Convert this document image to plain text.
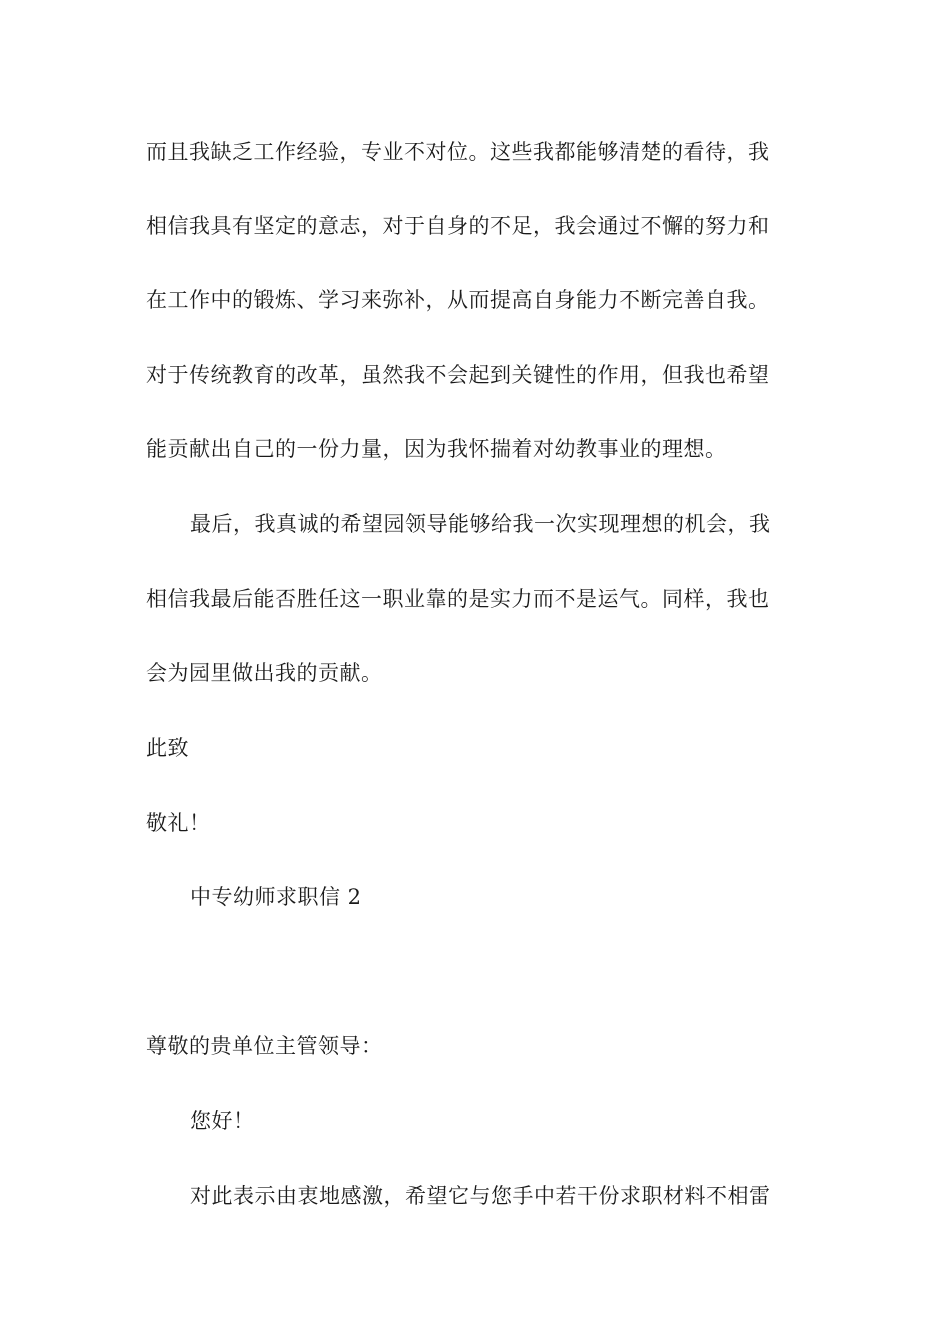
而且我缺乏工作经验，专业不对位。这些我都能够清楚的看待，我
相信我具有坚定的意志，对于自身的不足，我会通过不懈的努力和
在工作中的锻炼、学习来弥补，从而提高自身能力不断完善自我。
对于传统教育的改革，虽然我不会起到关键性的作用，但我也希望
能贡献出自己的一份力量，因为我怀揣着对幼教事业的理想。
最后，我真诚的希望园领导能够给我一次实现理想的机会，我
相信我最后能否胜任这一职业靠的是实力而不是运气。同样，我也
会为园里做出我的贡献。
此致
敬礼！
中专幼师求职信 2
尊敬的贵单位主管领导：
您好！
对此表示由衷地感激，希望它与您手中若干份求职材料不相雷
